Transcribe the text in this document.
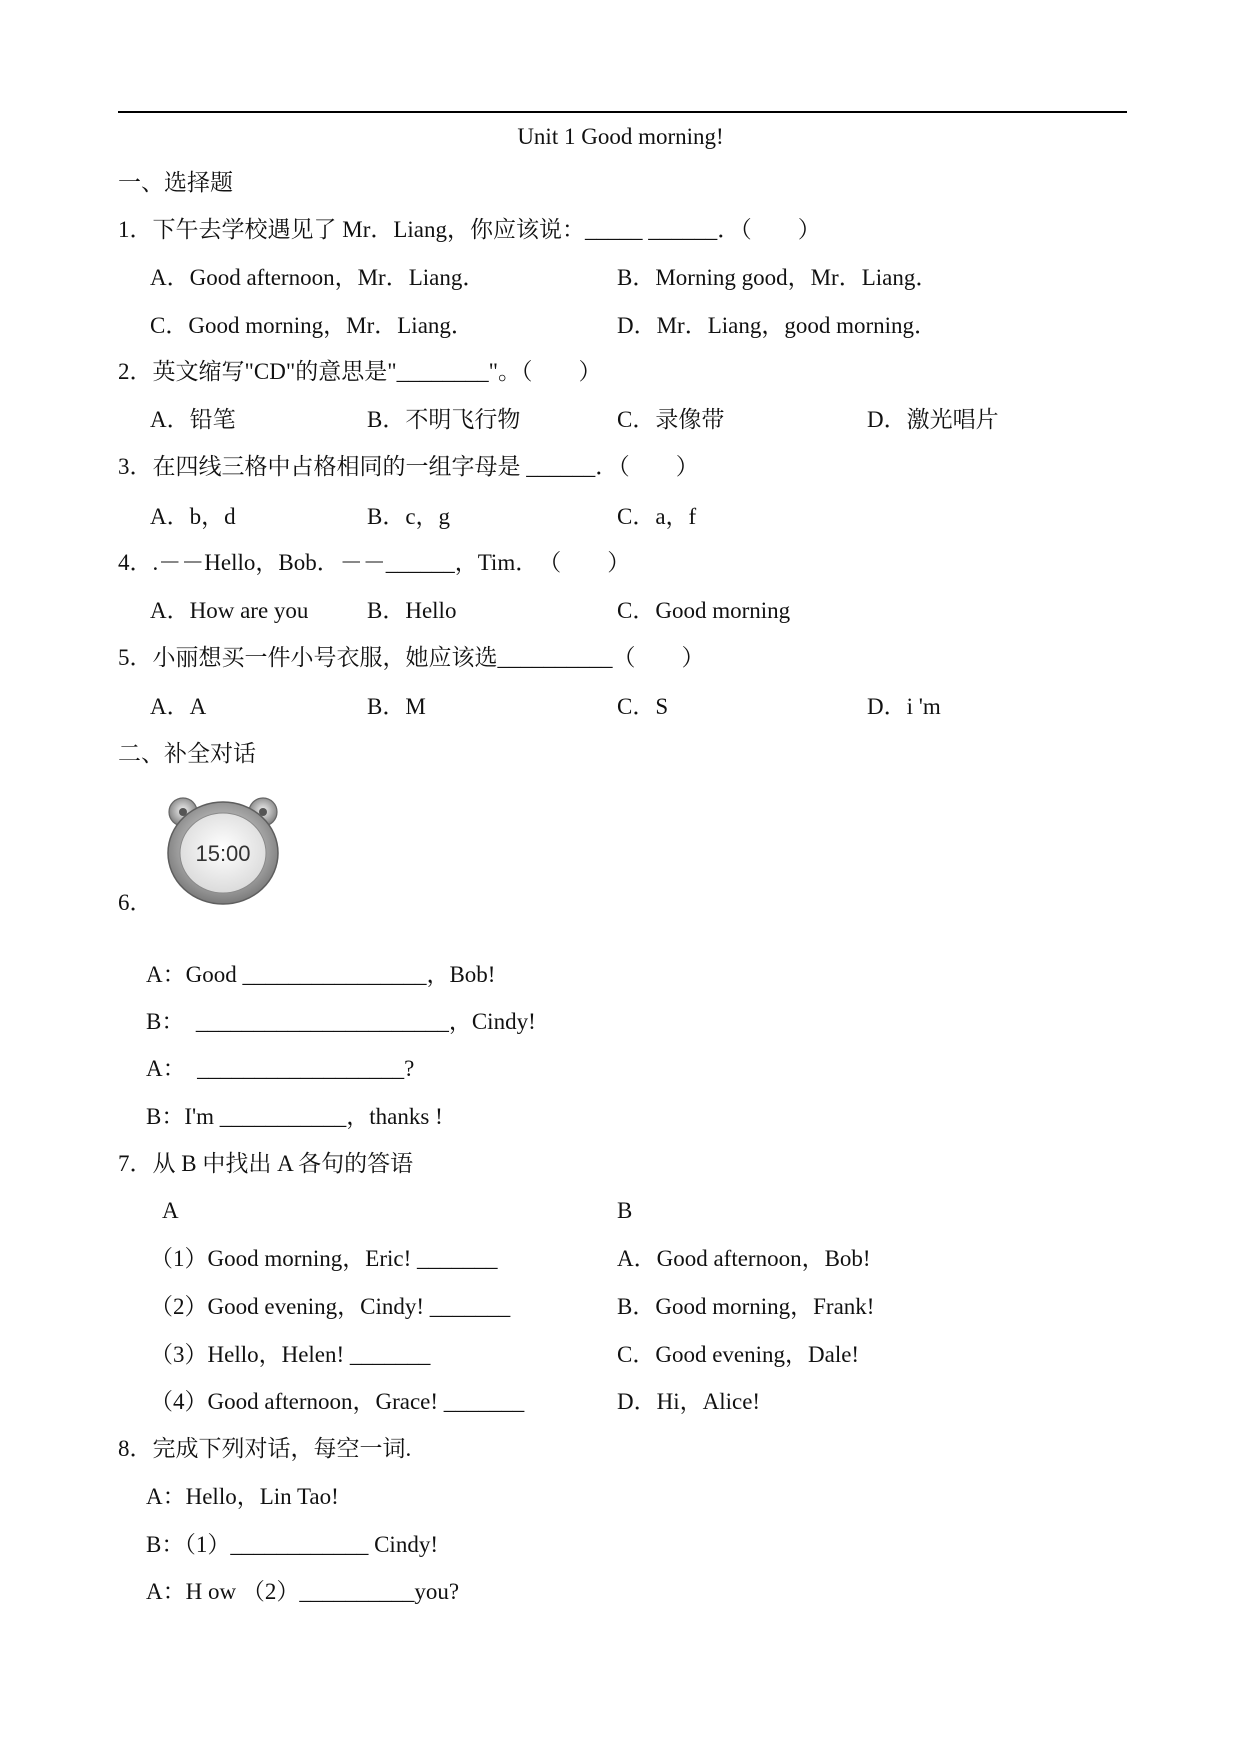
Unit 1 Good morning!
一、选择题
1．下午去学校遇见了 Mr．Liang，你应该说：_____ ______．（　　）
A．Good afternoon，Mr．Liang．	B．Morning good，Mr．Liang．
C．Good morning，Mr．Liang．	D．Mr．Liang，good morning．
2．英文缩写"CD"的意思是"________"。（　　）
A．铅笔	B．不明飞行物	C．录像带	D．激光唱片
3．在四线三格中占格相同的一组字母是 ______．（　　）
A．b，d	B．c，g	C．a，f
4．.－－Hello，Bob．－－______，Tim．　（　　）
A．How are you	B．Hello	C．Good morning
5．小丽想买一件小号衣服，她应该选__________（　　）
A．A	B．M	C．S	D．i 'm
二、补全对话
15:00
6．
A：Good ________________，Bob!
B：　______________________，Cindy!
A：　__________________?
B：I'm ___________，thanks !
7．从 B 中找出 A 各句的答语
A	B
（1）Good morning，Eric! _______	A．Good afternoon，Bob!
（2）Good evening，Cindy! _______	B．Good morning，Frank!
（3）Hello，Helen! _______	C．Good evening，Dale!
（4）Good afternoon，Grace! _______	D．Hi，Alice!
8．完成下列对话，每空一词.
A：Hello，Lin Tao!
B：（1）____________ Cindy!
A：H ow （2）__________you?
